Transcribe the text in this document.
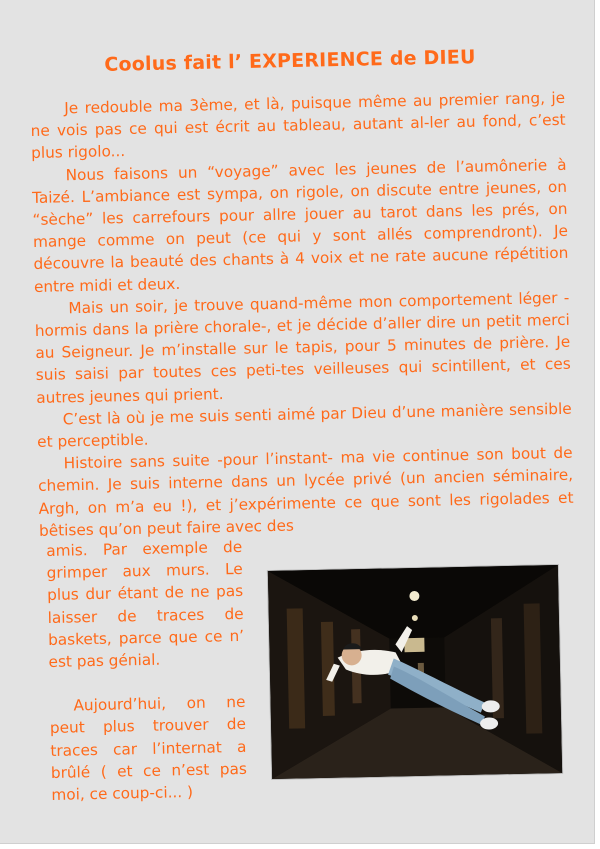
Coolus fait l’ EXPERIENCE de DIEU

Je redouble ma 3ème, et là, puisque même au premier rang, je ne vois pas ce qui est écrit au tableau, autant al-ler au fond, c’est plus rigolo...

Nous faisons un “voyage” avec les jeunes de l’aumônerie à Taizé. L’ambiance est sympa, on rigole, on discute entre jeunes, on “sèche” les carrefours pour allre jouer au tarot dans les prés, on mange comme on peut (ce qui y sont allés comprendront). Je découvre la beauté des chants à 4 voix et ne rate aucune répétition entre midi et deux.

Mais un soir, je trouve quand-même mon comportement léger -hormis dans la prière chorale-, et je décide d’aller dire un petit merci au Seigneur. Je m’installe sur le tapis, pour 5 minutes de prière. Je suis saisi par toutes ces peti-tes veilleuses qui scintillent, et ces autres jeunes qui prient.

C’est là où je me suis senti aimé par Dieu d’une manière sensible et perceptible.

Histoire sans suite -pour l’instant- ma vie continue son bout de chemin. Je suis interne dans un lycée privé (un ancien séminaire, Argh, on m’a eu !), et j’expérimente ce que sont les rigolades et bêtises qu’on peut faire avec des

amis. Par exemple de grimper aux murs. Le plus dur étant de ne pas laisser de traces de baskets, parce que ce n’ est pas génial.

Aujourd’hui, on ne peut plus trouver de traces car l’internat a brûlé ( et ce n’est pas moi, ce coup-ci... )
